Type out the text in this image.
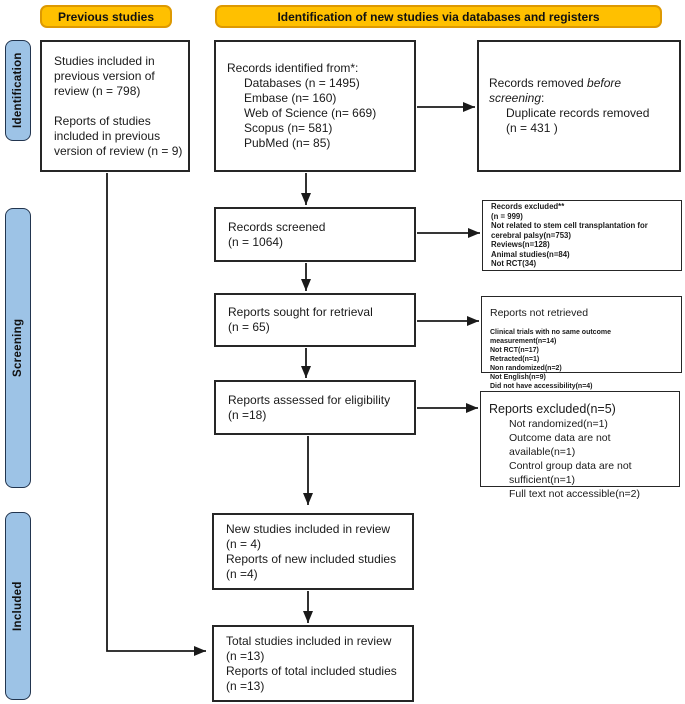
Previous studies	Identification of new studies via databases and registers
Identification
Screening
Included
Studies included in
previous version of
review (n = 798)

Reports of studies
included in previous
version of review (n = 9)
Records identified from*:
Databases (n = 1495)
Embase (n= 160)
Web of Science (n= 669)
Scopus (n= 581)
PubMed (n= 85)
Records removed before
screening:
Duplicate records removed
(n = 431 )
Records screened
(n = 1064)
Records excluded**
(n = 999)
Not related to stem cell transplantation for
cerebral palsy(n=753)
Reviews(n=128)
Animal studies(n=84)
Not RCT(34)
Reports sought for retrieval
(n = 65)
Reports not retrieved
Clinical trials with no same outcome measurement(n=14)
Not RCT(n=17)
Retracted(n=1)
Non randomized(n=2)
Not English(n=9)
Did not have accessibility(n=4)
Reports assessed for eligibility
(n =18)	Reports excluded(n=5)
Not randomized(n=1)
Outcome data are not available(n=1)
Control group data are not
sufficient(n=1)
Full text not accessible(n=2)
New studies included in review
(n = 4)
Reports of new included studies
(n =4)
Total studies included in review
(n =13)
Reports of total included studies
(n =13)
